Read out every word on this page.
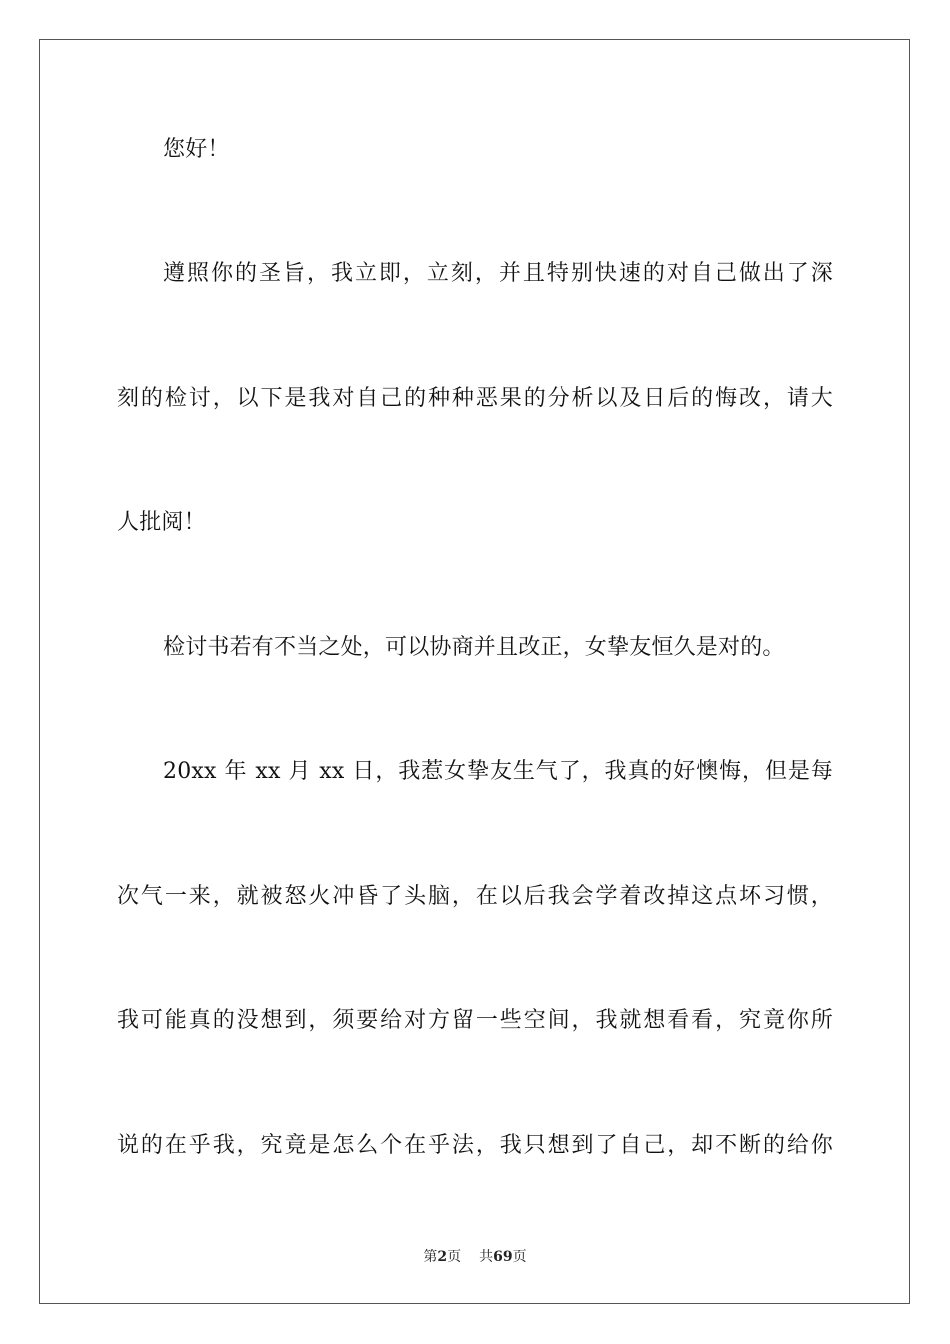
您好！
遵照你的圣旨，我立即，立刻，并且特别快速的对自己做出了深
刻的检讨，以下是我对自己的种种恶果的分析以及日后的悔改，请大
人批阅！
检讨书若有不当之处，可以协商并且改正，女挚友恒久是对的。
20xx 年 xx 月 xx 日，我惹女挚友生气了，我真的好懊悔，但是每
次气一来，就被怒火冲昏了头脑，在以后我会学着改掉这点坏习惯，
我可能真的没想到，须要给对方留一些空间，我就想看看，究竟你所
说的在乎我，究竟是怎么个在乎法，我只想到了自己，却不断的给你
第2页 共69页
